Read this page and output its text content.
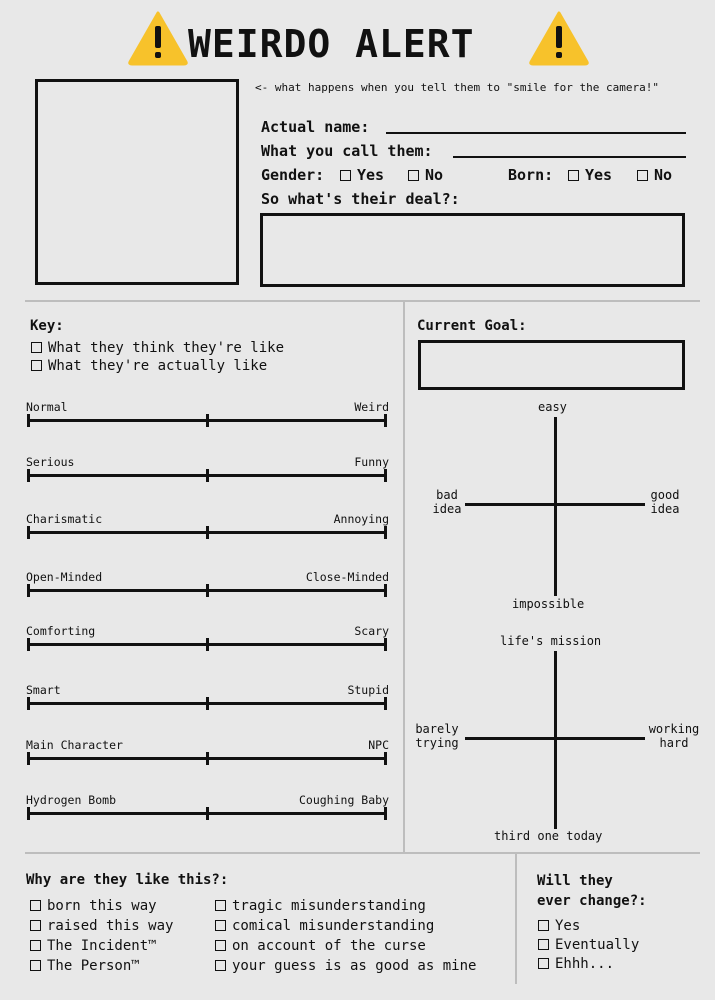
WEIRDO ALERT
<- what happens when you tell them to "smile for the camera!"
Actual name:
What you call them:
Gender:	Yes	No	Born:	Yes	No
So what's their deal?:
Key:
What they think they're like
What they're actually like
Normal	Weird
Serious	Funny
Charismatic	Annoying
Open-Minded	Close-Minded
Comforting	Scary
Smart	Stupid
Main Character	NPC
Hydrogen Bomb	Coughing Baby
Current Goal:
easy
impossible
bad
idea
good
idea
life's mission
third one today
barely
trying
working
hard
Why are they like this?:
born this way
raised this way
The Incident™
The Person™
tragic misunderstanding
comical misunderstanding
on account of the curse
your guess is as good as mine
Will they
ever change?:
Yes
Eventually
Ehhh...
